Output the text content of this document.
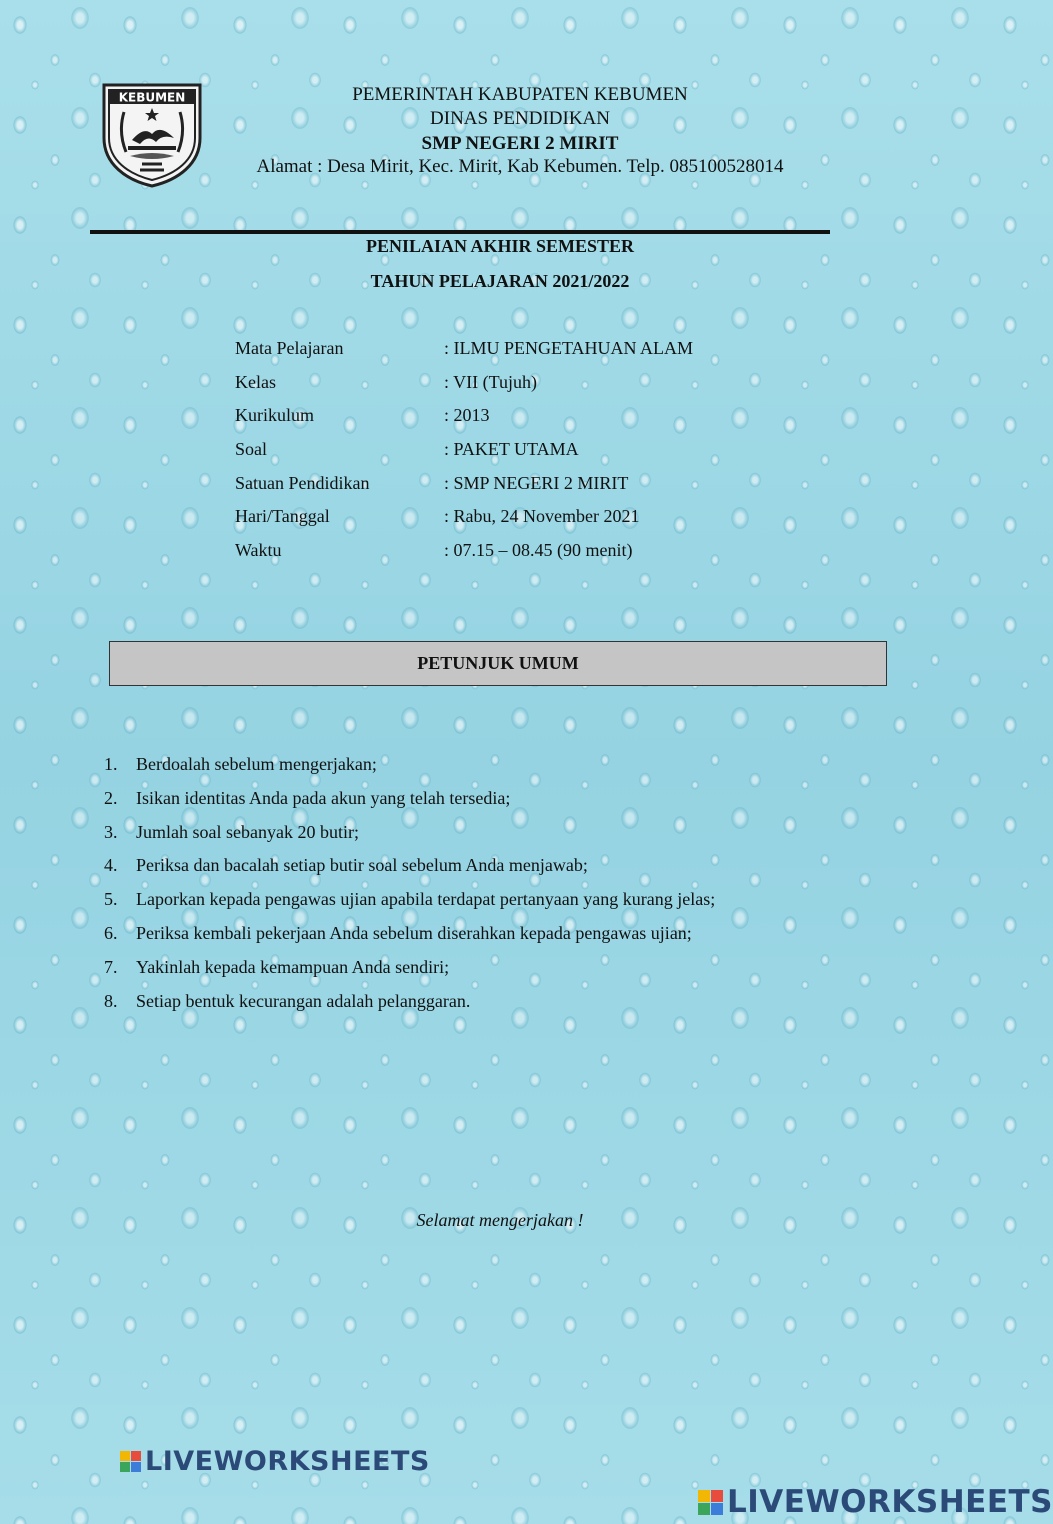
KEBUMEN	PEMERINTAH KABUPATEN KEBUMEN
DINAS PENDIDIKAN
SMP NEGERI 2 MIRIT
Alamat : Desa Mirit, Kec. Mirit, Kab Kebumen. Telp. 085100528014
PENILAIAN AKHIR SEMESTER
TAHUN PELAJARAN 2021/2022
Mata Pelajaran	: ILMU PENGETAHUAN ALAM
Kelas	: VII (Tujuh)
Kurikulum	: 2013
Soal	: PAKET UTAMA
Satuan Pendidikan	: SMP NEGERI 2 MIRIT
Hari/Tanggal	: Rabu, 24 November 2021
Waktu	: 07.15 – 08.45 (90 menit)
PETUNJUK UMUM
1.	Berdoalah sebelum mengerjakan;
2.	Isikan identitas Anda pada akun yang telah tersedia;
3.	Jumlah soal sebanyak 20 butir;
4.	Periksa dan bacalah setiap butir soal sebelum Anda menjawab;
5.	Laporkan kepada pengawas ujian apabila terdapat pertanyaan yang kurang jelas;
6.	Periksa kembali pekerjaan Anda sebelum diserahkan kepada pengawas ujian;
7.	Yakinlah kepada kemampuan Anda sendiri;
8.	Setiap bentuk kecurangan adalah pelanggaran.
Selamat mengerjakan !
LIVEWORKSHEETS
LIVEWORKSHEETS
